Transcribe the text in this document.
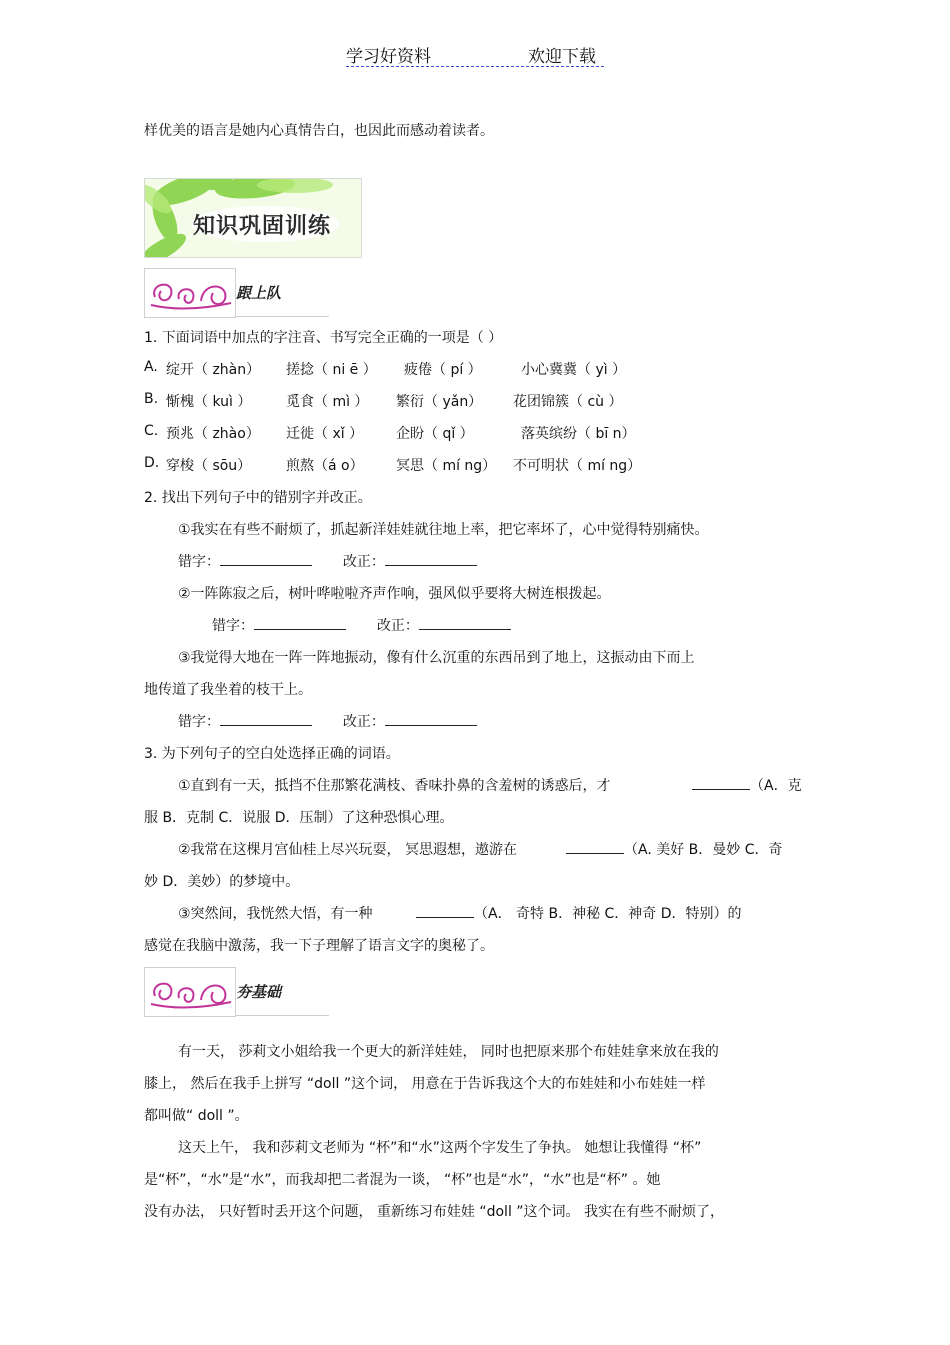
学习好资料	欢迎下载
样优美的语言是她内心真情告白，也因此而感动着读者。
知识巩固训练
跟上队
1. 下面词语中加点的字注音、书写完全正确的一项是（ ）
A. 绽开（ zhàn） 搓捻（ ni ē ） 疲倦（ pí ）	小心冀冀（ yì ）
B. 惭槐（ kuì ） 觅食（ mì ） 繁衍（ yǎn） 花团锦簇（ cù ）
C. 预兆（ zhào） 迁徙（ xǐ ） 企盼（ qǐ ）	落英缤纷（ bī n）
D. 穿梭（ sōu） 煎熬（á o） 冥思（ mí ng） 不可明状（ mí ng）
2. 找出下列句子中的错别字并改正。
①我实在有些不耐烦了，抓起新洋娃娃就往地上率，把它率坏了，心中觉得特别痛快。
错字：	改正：
②一阵陈寂之后，树叶哗啦啦齐声作响，强风似乎要将大树连根拨起。
错字：	改正：
③我觉得大地在一阵一阵地振动，像有什么沉重的东西吊到了地上，这振动由下而上
地传道了我坐着的枝干上。
错字：	改正：
3. 为下列句子的空白处选择正确的词语。
①直到有一天，抵挡不住那繁花满枝、香味扑鼻的含羞树的诱惑后，才	（A．克
服 B．克制 C．说服 D．压制）了这种恐惧心理。
②我常在这棵月宫仙桂上尽兴玩耍， 冥思遐想，遨游在	（A. 美好 B．曼妙 C．奇
妙 D．美妙）的梦境中。
③突然间，我恍然大悟，有一种	（A． 奇特 B．神秘 C．神奇 D．特别）的
感觉在我脑中激荡，我一下子理解了语言文字的奥秘了。
夯基础
有一天， 莎莉文小姐给我一个更大的新洋娃娃， 同时也把原来那个布娃娃拿来放在我的
膝上， 然后在我手上拼写 “doll ”这个词， 用意在于告诉我这个大的布娃娃和小布娃娃一样
都叫做“ doll ”。
这天上午， 我和莎莉文老师为 “杯”和“水”这两个字发生了争执。 她想让我懂得 “杯”
是“杯”，“水”是“水”，而我却把二者混为一谈， “杯”也是“水”，“水”也是“杯” 。她
没有办法， 只好暂时丢开这个问题， 重新练习布娃娃 “doll ”这个词。 我实在有些不耐烦了，
